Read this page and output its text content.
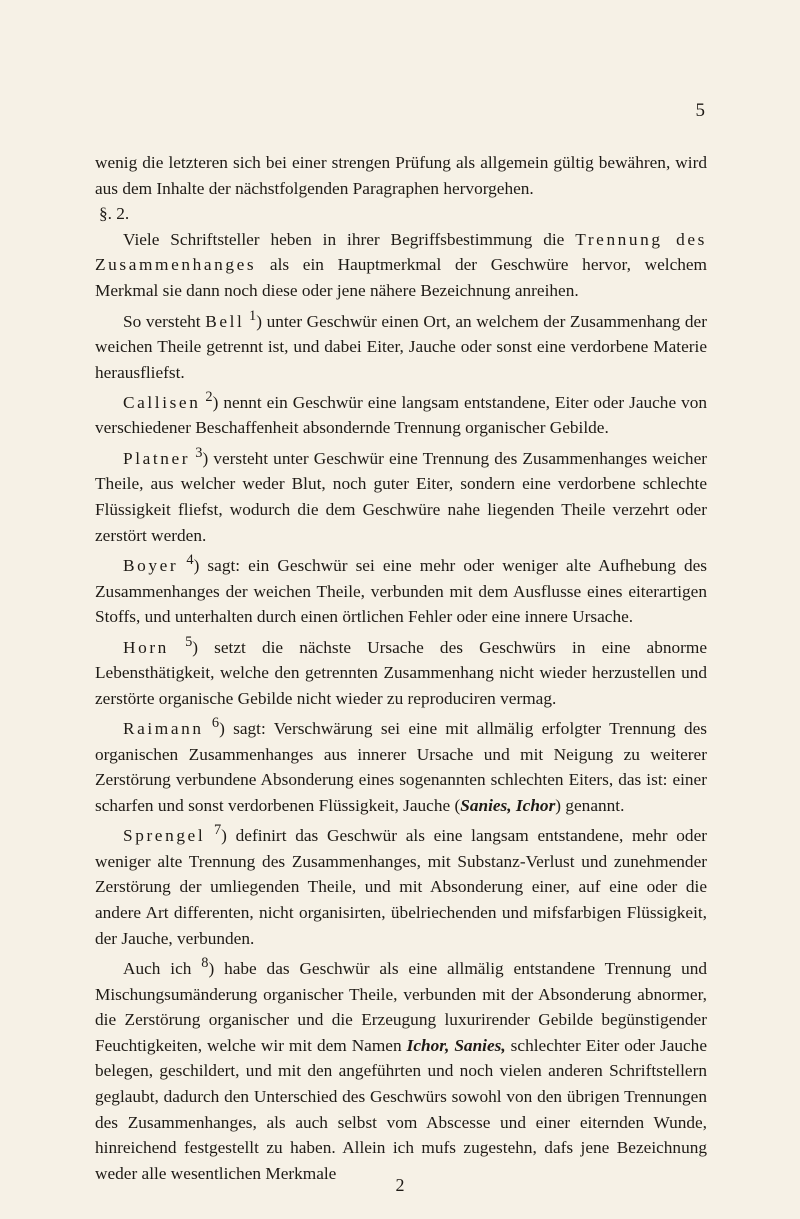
5

wenig die letzteren sich bei einer strengen Prüfung als allgemein gültig bewähren, wird aus dem Inhalte der nächstfolgenden Paragraphen hervorgehen.

§. 2.

Viele Schriftsteller heben in ihrer Begriffsbestimmung die Trennung des Zusammenhanges als ein Hauptmerkmal der Geschwüre hervor, welchem Merkmal sie dann noch diese oder jene nähere Bezeichnung anreihen.

So versteht Bell $^1$) unter Geschwür einen Ort, an welchem der Zusammenhang der weichen Theile getrennt ist, und dabei Eiter, Jauche oder sonst eine verdorbene Materie herausfliefst.

Callisen $^2$) nennt ein Geschwür eine langsam entstandene, Eiter oder Jauche von verschiedener Beschaffenheit absondernde Trennung organischer Gebilde.

Platner $^3$) versteht unter Geschwür eine Trennung des Zusammenhanges weicher Theile, aus welcher weder Blut, noch guter Eiter, sondern eine verdorbene schlechte Flüssigkeit fliefst, wodurch die dem Geschwüre nahe liegenden Theile verzehrt oder zerstört werden.

Boyer $^4$) sagt: ein Geschwür sei eine mehr oder weniger alte Aufhebung des Zusammenhanges der weichen Theile, verbunden mit dem Ausflusse eines eiterartigen Stoffs, und unterhalten durch einen örtlichen Fehler oder eine innere Ursache.

Horn $^5$) setzt die nächste Ursache des Geschwürs in eine abnorme Lebensthätigkeit, welche den getrennten Zusammenhang nicht wieder herzustellen und zerstörte organische Gebilde nicht wieder zu reproduciren vermag.

Raimann $^6$) sagt: Verschwärung sei eine mit allmälig erfolgter Trennung des organischen Zusammenhanges aus innerer Ursache und mit Neigung zu weiterer Zerstörung verbundene Absonderung eines sogenannten schlechten Eiters, das ist: einer scharfen und sonst verdorbenen Flüssigkeit, Jauche (Sanies, Ichor) genannt.

Sprengel $^7$) definirt das Geschwür als eine langsam entstandene, mehr oder weniger alte Trennung des Zusammenhanges, mit Substanz-Verlust und zunehmender Zerstörung der umliegenden Theile, und mit Absonderung einer, auf eine oder die andere Art differenten, nicht organisirten, übelriechenden und mifsfarbigen Flüssigkeit, der Jauche, verbunden.

Auch ich $^8$) habe das Geschwür als eine allmälig entstandene Trennung und Mischungsumänderung organischer Theile, verbunden mit der Absonderung abnormer, die Zerstörung organischer und die Erzeugung luxurirender Gebilde begünstigender Feuchtigkeiten, welche wir mit dem Namen Ichor, Sanies, schlechter Eiter oder Jauche belegen, geschildert, und mit den angeführten und noch vielen anderen Schriftstellern geglaubt, dadurch den Unterschied des Geschwürs sowohl von den übrigen Trennungen des Zusammenhanges, als auch selbst vom Abscesse und einer eiternden Wunde, hinreichend festgestellt zu haben. Allein ich mufs zugestehn, dafs jene Bezeichnung weder alle wesentlichen Merkmale

2
